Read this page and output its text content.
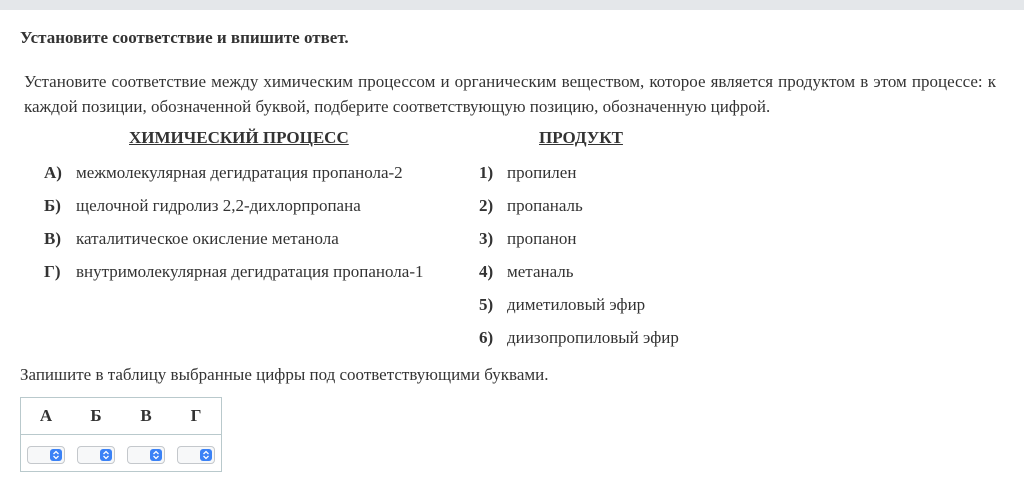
Установите соответствие и впишите ответ.
Установите соответствие между химическим процессом и органическим веществом, которое является продуктом в этом процессе: к каждой позиции, обозначенной буквой, подберите соответствующую позицию, обозначенную цифрой.
ХИМИЧЕСКИЙ ПРОЦЕСС	ПРОДУКТ
А) межмолекулярная дегидратация пропанола-2
Б) щелочной гидролиз 2,2-дихлорпропана
В) каталитическое окисление метанола
Г) внутримолекулярная дегидратация пропанола-1
1) пропилен
2) пропаналь
3) пропанон
4) метаналь
5) диметиловый эфир
6) диизопропиловый эфир
Запишите в таблицу выбранные цифры под соответствующими буквами.
А	Б	В	Г
